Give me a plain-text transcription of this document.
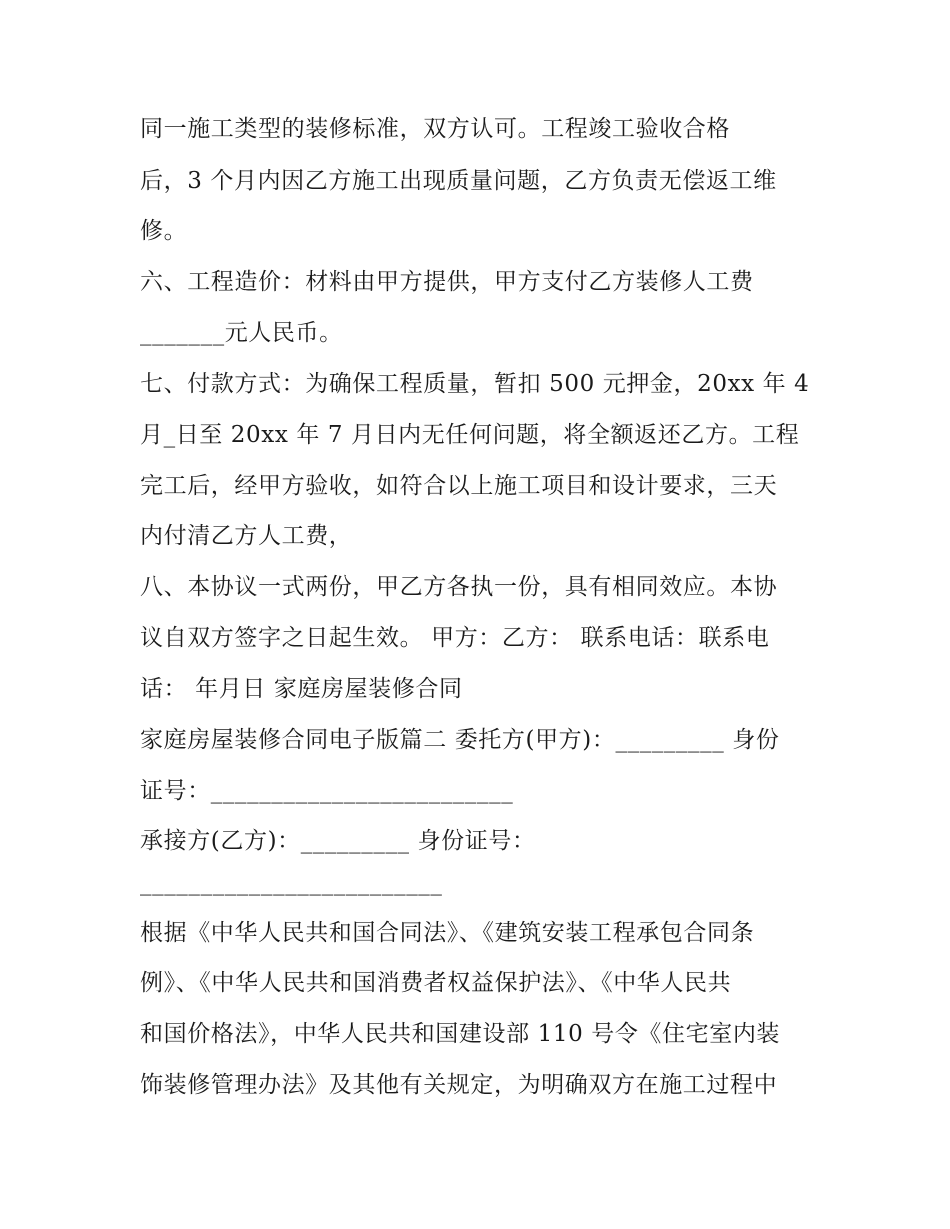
同一施工类型的装修标准，双方认可。工程竣工验收合格
后，3 个月内因乙方施工出现质量问题，乙方负责无偿返工维
修。
六、工程造价：材料由甲方提供，甲方支付乙方装修人工费
_______元人民币。
七、付款方式：为确保工程质量，暂扣 500 元押金，20xx 年 4
月_日至 20xx 年 7 月日内无任何问题，将全额返还乙方。工程
完工后，经甲方验收，如符合以上施工项目和设计要求，三天
内付清乙方人工费，
八、本协议一式两份，甲乙方各执一份，具有相同效应。本协
议自双方签字之日起生效。 甲方：乙方： 联系电话：联系电
话： 年月日 家庭房屋装修合同
家庭房屋装修合同电子版篇二 委托方(甲方)：_________ 身份
证号：_________________________
承接方(乙方)：_________ 身份证号：
_________________________
根据《中华人民共和国合同法》、《建筑安装工程承包合同条
例》、《中华人民共和国消费者权益保护法》、《中华人民共
和国价格法》，中华人民共和国建设部 110 号令《住宅室内装
饰装修管理办法》及其他有关规定，为明确双方在施工过程中
